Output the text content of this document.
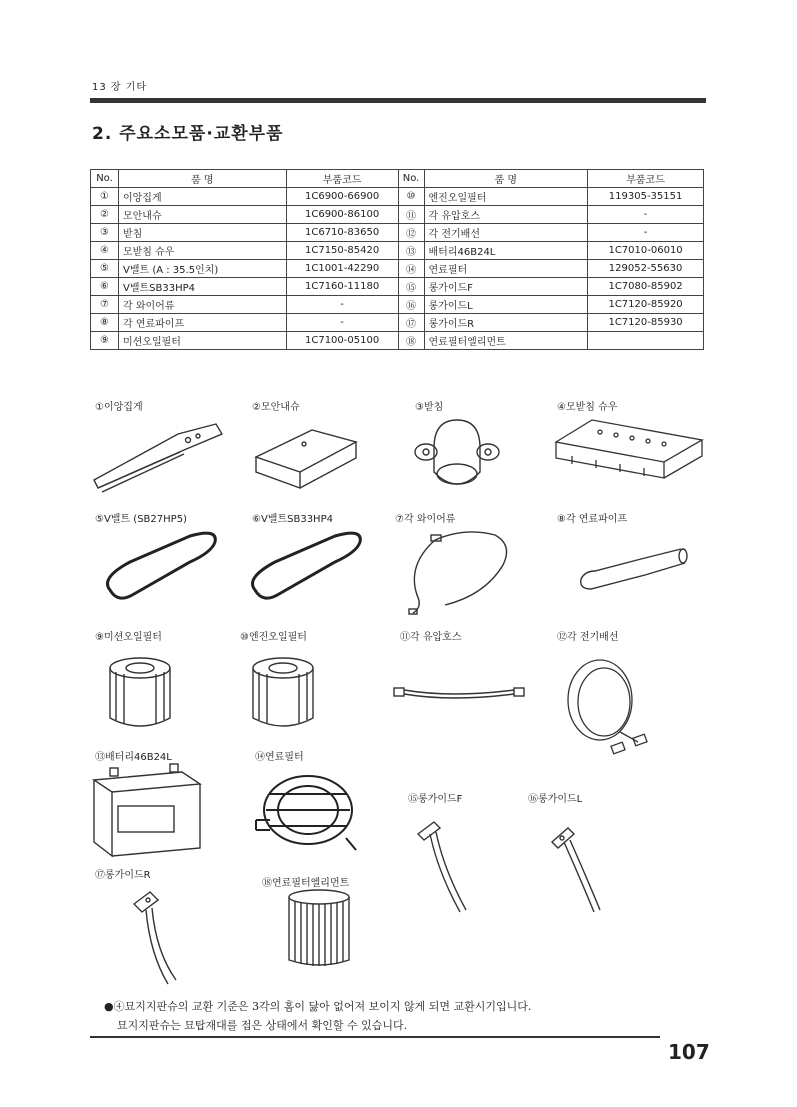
13 장 기타
2. 주요소모품·교환부품
No.	품 명	부품코드	No.	품 명	부품코드
①	이앙집게	1C6900-66900	⑩	엔진오일필터	119305-35151
②	모안내슈	1C6900-86100	⑪	각 유압호스	-
③	받침	1C6710-83650	⑫	각 전기배선	-
④	모받침 슈우	1C7150-85420	⑬	배터리46B24L	1C7010-06010
⑤	V밸트 (A : 35.5인치)	1C1001-42290	⑭	연료필터	129052-55630
⑥	V밸트SB33HP4	1C7160-11180	⑮	롱가이드F	1C7080-85902
⑦	각 와이어류	-	⑯	롱가이드L	1C7120-85920
⑧	각 연료파이프	-	⑰	롱가이드R	1C7120-85930
⑨	미션오일필터	1C7100-05100	⑱	연료필터엘리먼트	
①이앙집게	②모안내슈	③받침	④모받침 슈우
⑤V밸트 (SB27HP5)	⑥V밸트SB33HP4	⑦각 와이어류	⑧각 연료파이프
⑨미션오일필터	⑩엔진오일필터	⑪각 유압호스	⑫각 전기배선
⑬배터리46B24L	⑭연료필터
⑮롱가이드F	⑯롱가이드L
⑰롱가이드R
⑱연료필터엘리먼트
●④묘지지판슈의 교환 기준은 3각의 홈이 닳아 없어져 보이지 않게 되면 교환시기입니다.
묘지지판슈는 묘탑재대를 접은 상태에서 확인할 수 있습니다.
107
